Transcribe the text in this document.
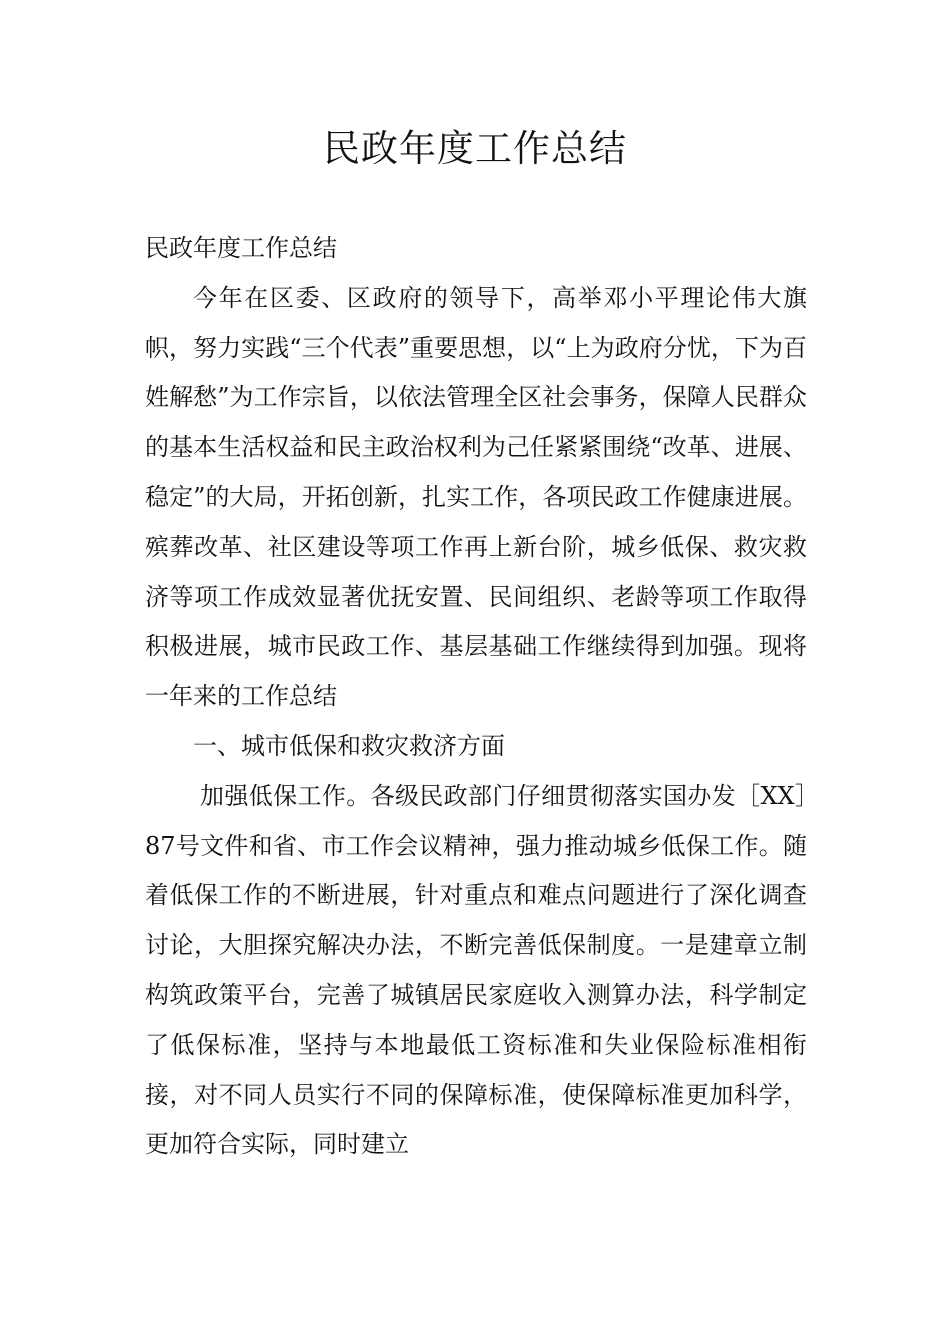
民政年度工作总结

民政年度工作总结

今年在区委、区政府的领导下，高举邓小平理论伟大旗帜，努力实践“三个代表”重要思想，以“上为政府分忧，下为百姓解愁”为工作宗旨，以依法管理全区社会事务，保障人民群众的基本生活权益和民主政治权利为己任紧紧围绕“改革、进展、稳定”的大局，开拓创新，扎实工作，各项民政工作健康进展。殡葬改革、社区建设等项工作再上新台阶，城乡低保、救灾救济等项工作成效显著优抚安置、民间组织、老龄等项工作取得积极进展，城市民政工作、基层基础工作继续得到加强。现将一年来的工作总结

一、城市低保和救灾救济方面

加强低保工作。各级民政部门仔细贯彻落实国办发［XX］87号文件和省、市工作会议精神，强力推动城乡低保工作。随着低保工作的不断进展，针对重点和难点问题进行了深化调查讨论，大胆探究解决办法，不断完善低保制度。一是建章立制构筑政策平台，完善了城镇居民家庭收入测算办法，科学制定了低保标准，坚持与本地最低工资标准和失业保险标准相衔接，对不同人员实行不同的保障标准，使保障标准更加科学，更加符合实际，同时建立
